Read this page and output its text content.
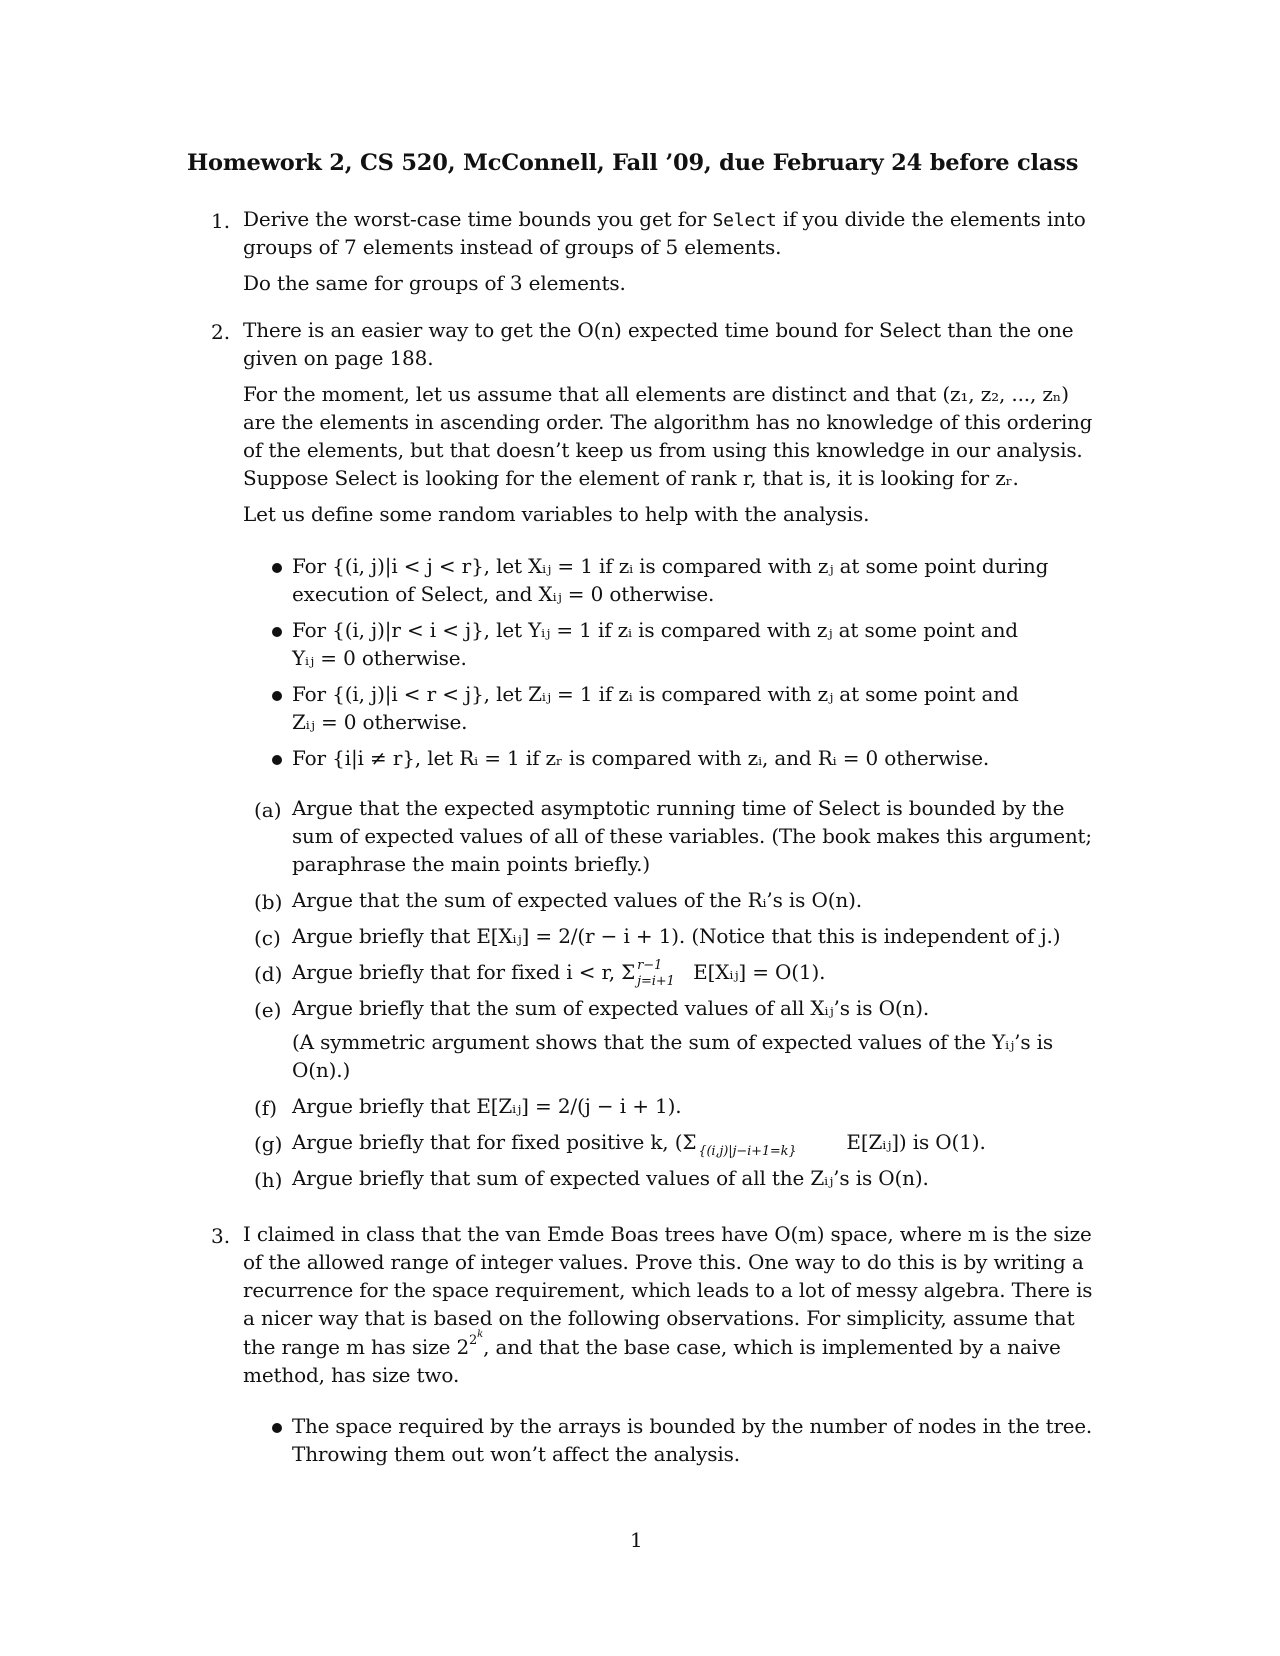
Homework 2, CS 520, McConnell, Fall ’09, due February 24 before class
1. Derive the worst-case time bounds you get for Select if you divide the elements into
groups of 7 elements instead of groups of 5 elements.
Do the same for groups of 3 elements.
2. There is an easier way to get the O(n) expected time bound for Select than the one
given on page 188.
For the moment, let us assume that all elements are distinct and that (z₁, z₂, ..., zₙ)
are the elements in ascending order. The algorithm has no knowledge of this ordering
of the elements, but that doesn’t keep us from using this knowledge in our analysis.
Suppose Select is looking for the element of rank r, that is, it is looking for zᵣ.
Let us define some random variables to help with the analysis.
For {(i, j)|i < j < r}, let Xᵢⱼ = 1 if zᵢ is compared with zⱼ at some point during
execution of Select, and Xᵢⱼ = 0 otherwise.
For {(i, j)|r < i < j}, let Yᵢⱼ = 1 if zᵢ is compared with zⱼ at some point and
Yᵢⱼ = 0 otherwise.
For {(i, j)|i < r < j}, let Zᵢⱼ = 1 if zᵢ is compared with zⱼ at some point and
Zᵢⱼ = 0 otherwise.
For {i|i ≠ r}, let Rᵢ = 1 if zᵣ is compared with zᵢ, and Rᵢ = 0 otherwise.
(a) Argue that the expected asymptotic running time of Select is bounded by the
sum of expected values of all of these variables. (The book makes this argument;
paraphrase the main points briefly.)
(b) Argue that the sum of expected values of the Rᵢ’s is O(n).
(c) Argue briefly that E[Xᵢⱼ] = 2/(r − i + 1). (Notice that this is independent of j.)
(d) Argue briefly that for fixed i < r, Σ r−1
j=i+1 E[Xᵢⱼ] = O(1).
(e) Argue briefly that the sum of expected values of all Xᵢⱼ’s is O(n).
(A symmetric argument shows that the sum of expected values of the Yᵢⱼ’s is
O(n).)
(f) Argue briefly that E[Zᵢⱼ] = 2/(j − i + 1).
(g) Argue briefly that for fixed positive k, (Σ {(i,j)|j−i+1=k} E[Zᵢⱼ]) is O(1).
(h) Argue briefly that sum of expected values of all the Zᵢⱼ’s is O(n).
3. I claimed in class that the van Emde Boas trees have O(m) space, where m is the size
of the allowed range of integer values. Prove this. One way to do this is by writing a
recurrence for the space requirement, which leads to a lot of messy algebra. There is
a nicer way that is based on the following observations. For simplicity, assume that
the range m has size $2^{2k}$, and that the base case, which is implemented by a naive
method, has size two.
The space required by the arrays is bounded by the number of nodes in the tree.
Throwing them out won’t affect the analysis.
1
